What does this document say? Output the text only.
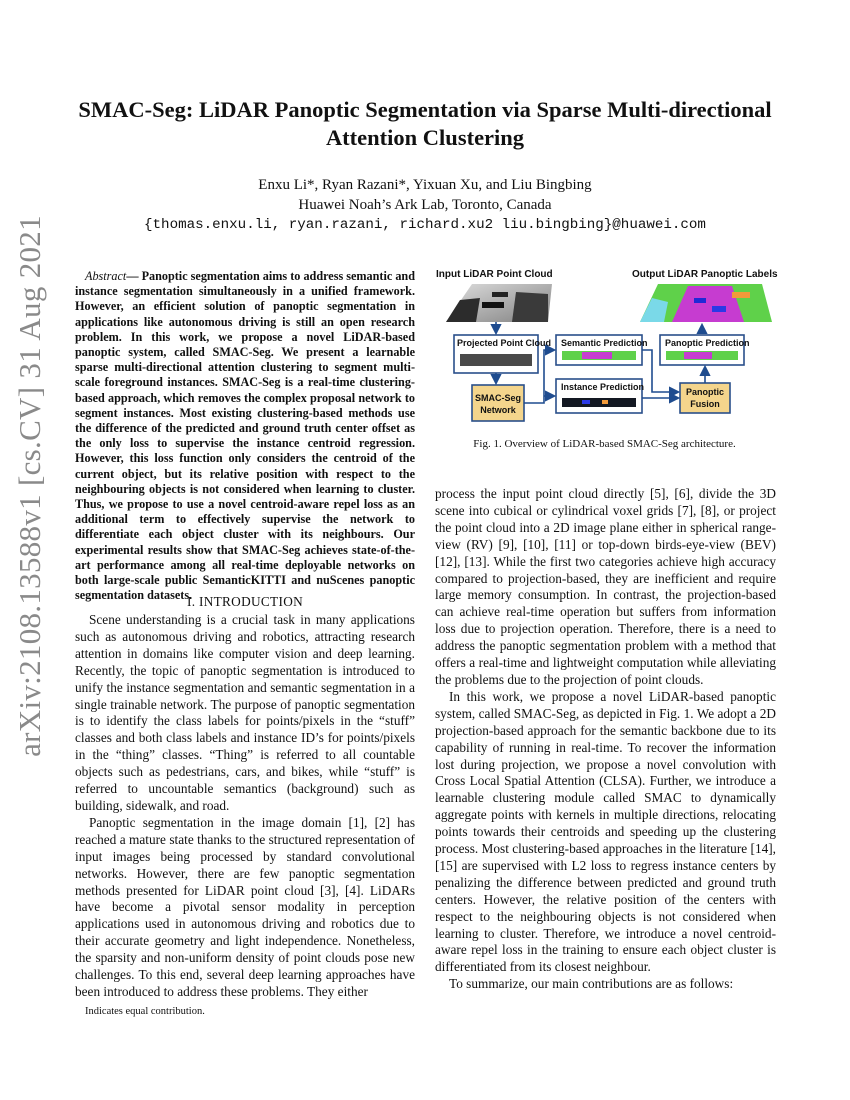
arXiv:2108.13588v1 [cs.CV] 31 Aug 2021
SMAC-Seg: LiDAR Panoptic Segmentation via Sparse Multi-directional
Attention Clustering
Enxu Li*, Ryan Razani*, Yixuan Xu, and Liu Bingbing
Huawei Noah’s Ark Lab, Toronto, Canada
{thomas.enxu.li, ryan.razani, richard.xu2 liu.bingbing}@huawei.com
Abstract— Panoptic segmentation aims to address semantic and instance segmentation simultaneously in a unified framework. However, an efficient solution of panoptic segmentation in applications like autonomous driving is still an open research problem. In this work, we propose a novel LiDAR-based panoptic system, called SMAC-Seg. We present a learnable sparse multi-directional attention clustering to segment multi-scale foreground instances. SMAC-Seg is a real-time clustering-based approach, which removes the complex proposal network to segment instances. Most existing clustering-based methods use the difference of the predicted and ground truth center offset as the only loss to supervise the instance centroid regression. However, this loss function only considers the centroid of the current object, but its relative position with respect to the neighbouring objects is not considered when learning to cluster. Thus, we propose to use a novel centroid-aware repel loss as an additional term to effectively supervise the network to differentiate each object cluster with its neighbours. Our experimental results show that SMAC-Seg achieves state-of-the-art performance among all real-time deployable networks on both large-scale public SemanticKITTI and nuScenes panoptic segmentation datasets.
I. INTRODUCTION

Scene understanding is a crucial task in many applications such as autonomous driving and robotics, attracting research attention in domains like computer vision and deep learning. Recently, the topic of panoptic segmentation is introduced to unify the instance segmentation and semantic segmentation in a single trainable network. The purpose of panoptic segmentation is to identify the class labels for points/pixels in the “stuff” classes and both class labels and instance ID’s for points/pixels in the “thing” classes. “Thing” is referred to all countable objects such as pedestrians, cars, and bikes, while “stuff” is referred to uncountable semantics (background) such as building, sidewalk, and road.

Panoptic segmentation in the image domain [1], [2] has reached a mature state thanks to the structured representation of input images being processed by standard convolutional networks. However, there are few panoptic segmentation methods presented for LiDAR point cloud [3], [4]. LiDARs have become a pivotal sensor modality in perception applications used in autonomous driving and robotics due to their accurate geometry and light independence. Nonetheless, the sparsity and non-uniform density of point clouds pose new challenges. To this end, several deep learning approaches have been introduced to address these problems. They either

Indicates equal contribution.
Input LiDAR Point Cloud	Output LiDAR Panoptic Labels
Projected Point Cloud Semantic Prediction Panoptic Prediction
SMAC-Seg
Network
Instance Prediction	Panoptic
Fusion
Fig. 1. Overview of LiDAR-based SMAC-Seg architecture.

process the input point cloud directly [5], [6], divide the 3D scene into cubical or cylindrical voxel grids [7], [8], or project the point cloud into a 2D image plane either in spherical range-view (RV) [9], [10], [11] or top-down birds-eye-view (BEV) [12], [13]. While the first two categories achieve high accuracy compared to projection-based, they are inefficient and require large memory consumption. In contrast, the projection-based can achieve real-time operation but suffers from information loss due to projection operation. Therefore, there is a need to address the panoptic segmentation problem with a method that offers a real-time and lightweight computation while alleviating the problems due to the projection of point clouds.

In this work, we propose a novel LiDAR-based panoptic system, called SMAC-Seg, as depicted in Fig. 1. We adopt a 2D projection-based approach for the semantic backbone due to its capability of running in real-time. To recover the information lost during projection, we propose a novel convolution with Cross Local Spatial Attention (CLSA). Further, we introduce a learnable clustering module called SMAC to dynamically aggregate points with kernels in multiple directions, relocating points towards their centroids and speeding up the clustering process. Most clustering-based approaches in the literature [14], [15] are supervised with L2 loss to regress instance centers by penalizing the difference between predicted and ground truth centers. However, the relative position of the centers with respect to the neighbouring objects is not considered when learning to cluster. Therefore, we introduce a novel centroid-aware repel loss in the training to ensure each object cluster is differentiated from its closest neighbour.

To summarize, our main contributions are as follows:
